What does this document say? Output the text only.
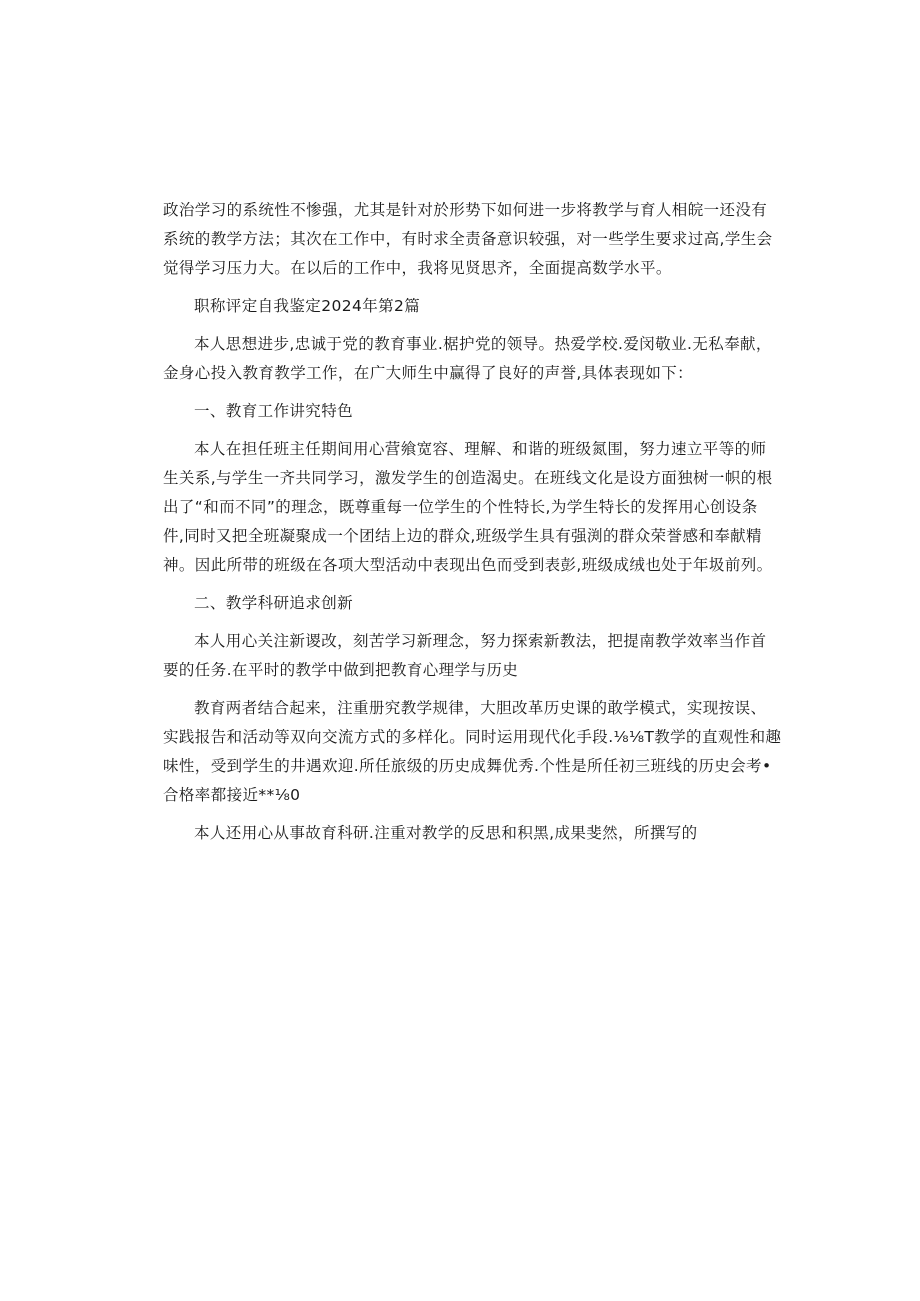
政治学习的系统性不惨强，尤其是针对於形势下如何进一步将教学与育人相皖一还没有
系统的教学方法；其次在工作中，有时求全责备意识较强，对一些学生要求过高,学生会
觉得学习压力大。在以后的工作中，我将见贤思齐，全面提高数学水平。
职称评定自我鉴定2024年第2篇
本人思想进步,忠诚于党的教育事业.椐护党的领导。热爱学校.爱闵敬业.无私奉献，
金身心投入教育教学工作，在广大师生中赢得了良好的声誉,具体表现如下：
一、教育工作讲究特色
本人在担任班主任期间用心营飨宽容、理解、和谐的班级氮围，努力速立平等的师
生关系,与学生一齐共同学习，激发学生的创造渴史。在班线文化是设方面独树一帜的根
出了“和而不同”的理念，既尊重每一位学生的个性特长,为学生特长的发挥用心创设条
件,同时又把全班凝聚成一个团结上边的群众,班级学生具有强渕的群众荣誉感和奉献精
神。因此所带的班级在各项大型活动中表现出色而受到表彭,班级成绒也处于年圾前列。
二、教学科研追求创新
本人用心关注新谡改，刻苦学习新理念，努力探索新教法，把提南教学效率当作首
要的任务.在平时的教学中做到把教育心理学与历史
教育两者结合起来，注重册究教学规律，大胆改革历史课的敢学模式，实现按误、
实践报告和活动等双向交流方式的多样化。同时运用现代化手段.⅛⅛T教学的直观性和趣
味性，受到学生的井遇欢迎.所任旅级的历史成舞优秀.个性是所任初三班线的历史会考•
合格率都接近**⅛0
本人还用心从事故育科研.注重对教学的反思和积黑,成果斐然，所撰写的
